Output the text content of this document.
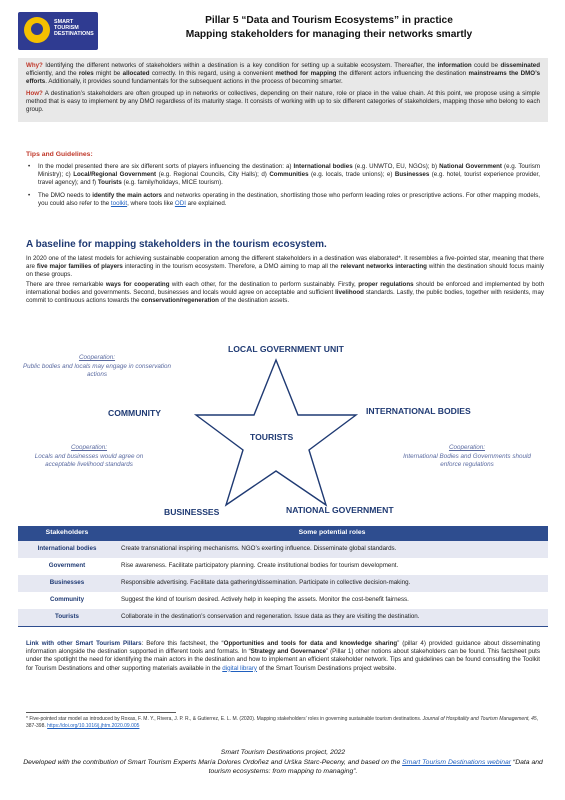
SMART
TOURISM
DESTINATIONS
Pillar 5 “Data and Tourism Ecosystems” in practice
Mapping stakeholders for managing their networks smartly

Why? Identifying the different networks of stakeholders within a destination is a key condition for setting up a suitable ecosystem. Thereafter, the information could be disseminated efficiently, and the roles might be allocated correctly. In this regard, using a convenient method for mapping the different actors influencing the destination mainstreams the DMO’s efforts. Additionally, it provides sound fundamentals for the subsequent actions in the process of becoming smarter.

How? A destination’s stakeholders are often grouped up in networks or collectives, depending on their nature, role or place in the value chain. At this point, we propose using a simple method that is easy to implement by any DMO regardless of its maturity stage. It consists of working with up to six different categories of stakeholders, mapping those who belong to each group.

Tips and Guidelines:
• In the model presented there are six different sorts of players influencing the destination: a) International bodies (e.g. UNWTO, EU, NGOs); b) National Government (e.g. Tourism Ministry); c) Local/Regional Government (e.g. Regional Councils, City Halls); d) Communities (e.g. locals, trade unions); e) Businesses (e.g. hotel, tourist experience provider, travel agency); and f) Tourists (e.g. family/holidays, MICE tourism).
• The DMO needs to identify the main actors and networks operating in the destination, shortlisting those who perform leading roles or prescriptive actions. For other mapping models, you could also refer to the toolkit, where tools like ODI are explained.
A baseline for mapping stakeholders in the tourism ecosystem.

In 2020 one of the latest models for achieving sustainable cooperation among the different stakeholders in a destination was elaborated*. It resembles a five-pointed star, meaning that there are five major families of players interacting in the tourism ecosystem. Therefore, a DMO aiming to map all the relevant networks interacting within the destination should focus mainly on these groups.

There are three remarkable ways for cooperating with each other, for the destination to perform sustainably. Firstly, proper regulations should be enforced and implemented by both international bodies and governments. Second, businesses and locals would agree on acceptable and sufficient livelihood standards. Lastly, the public bodies, together with residents, may commit to continuous actions towards the conservation/regeneration of the destination assets.

LOCAL GOVERNMENT UNIT
COMMUNITY	INTERNATIONAL BODIES
TOURISTS
BUSINESSES	NATIONAL GOVERNMENT
Cooperation:
Public bodies and locals may engage in conservation actions
Cooperation:
Locals and businesses would agree on acceptable livelihood standards
Cooperation:
International Bodies and Governments should enforce regulations
Stakeholders	Some potential roles
International bodies	Create transnational inspiring mechanisms. NGO’s exerting influence. Disseminate global standards.
Government	Rise awareness. Facilitate participatory planning. Create institutional bodies for tourism development.
Businesses	Responsible advertising. Facilitate data gathering/dissemination. Participate in collective decision-making.
Community	Suggest the kind of tourism desired. Actively help in keeping the assets. Monitor the cost-benefit fairness.
Tourists	Collaborate in the destination’s conservation and regeneration. Issue data as they are visiting the destination.
Link with other Smart Tourism Pillars: Before this factsheet, the “Opportunities and tools for data and knowledge sharing” (pillar 4) provided guidance about disseminating information alongside the destination supported in different tools and formats. In “Strategy and Governance” (Pillar 1) other notions about stakeholders can be found. This factsheet puts under the spotlight the need for identifying the main actors in the destination and how to implement an efficient stakeholder network. Tips and guidelines can be found consulting the Toolkit for Tourism Destinations and other supporting materials available in the digital library of the Smart Tourism Destinations project website.
* Five-pointed star model as introduced by Roxas, F. M. Y., Rivera, J. P. R., & Gutierrez, E. L. M. (2020). Mapping stakeholders’ roles in governing sustainable tourism destinations. Journal of Hospitality and Tourism Management, 45, 387-398. https://doi.org/10.1016/j.jhtm.2020.09.005
Smart Tourism Destinations project, 2022
Developed with the contribution of Smart Tourism Experts María Dolores Ordoñez and Urška Starc-Peceny, and based on the Smart Tourism Destinations webinar “Data and tourism ecosystems: from mapping to managing”.
